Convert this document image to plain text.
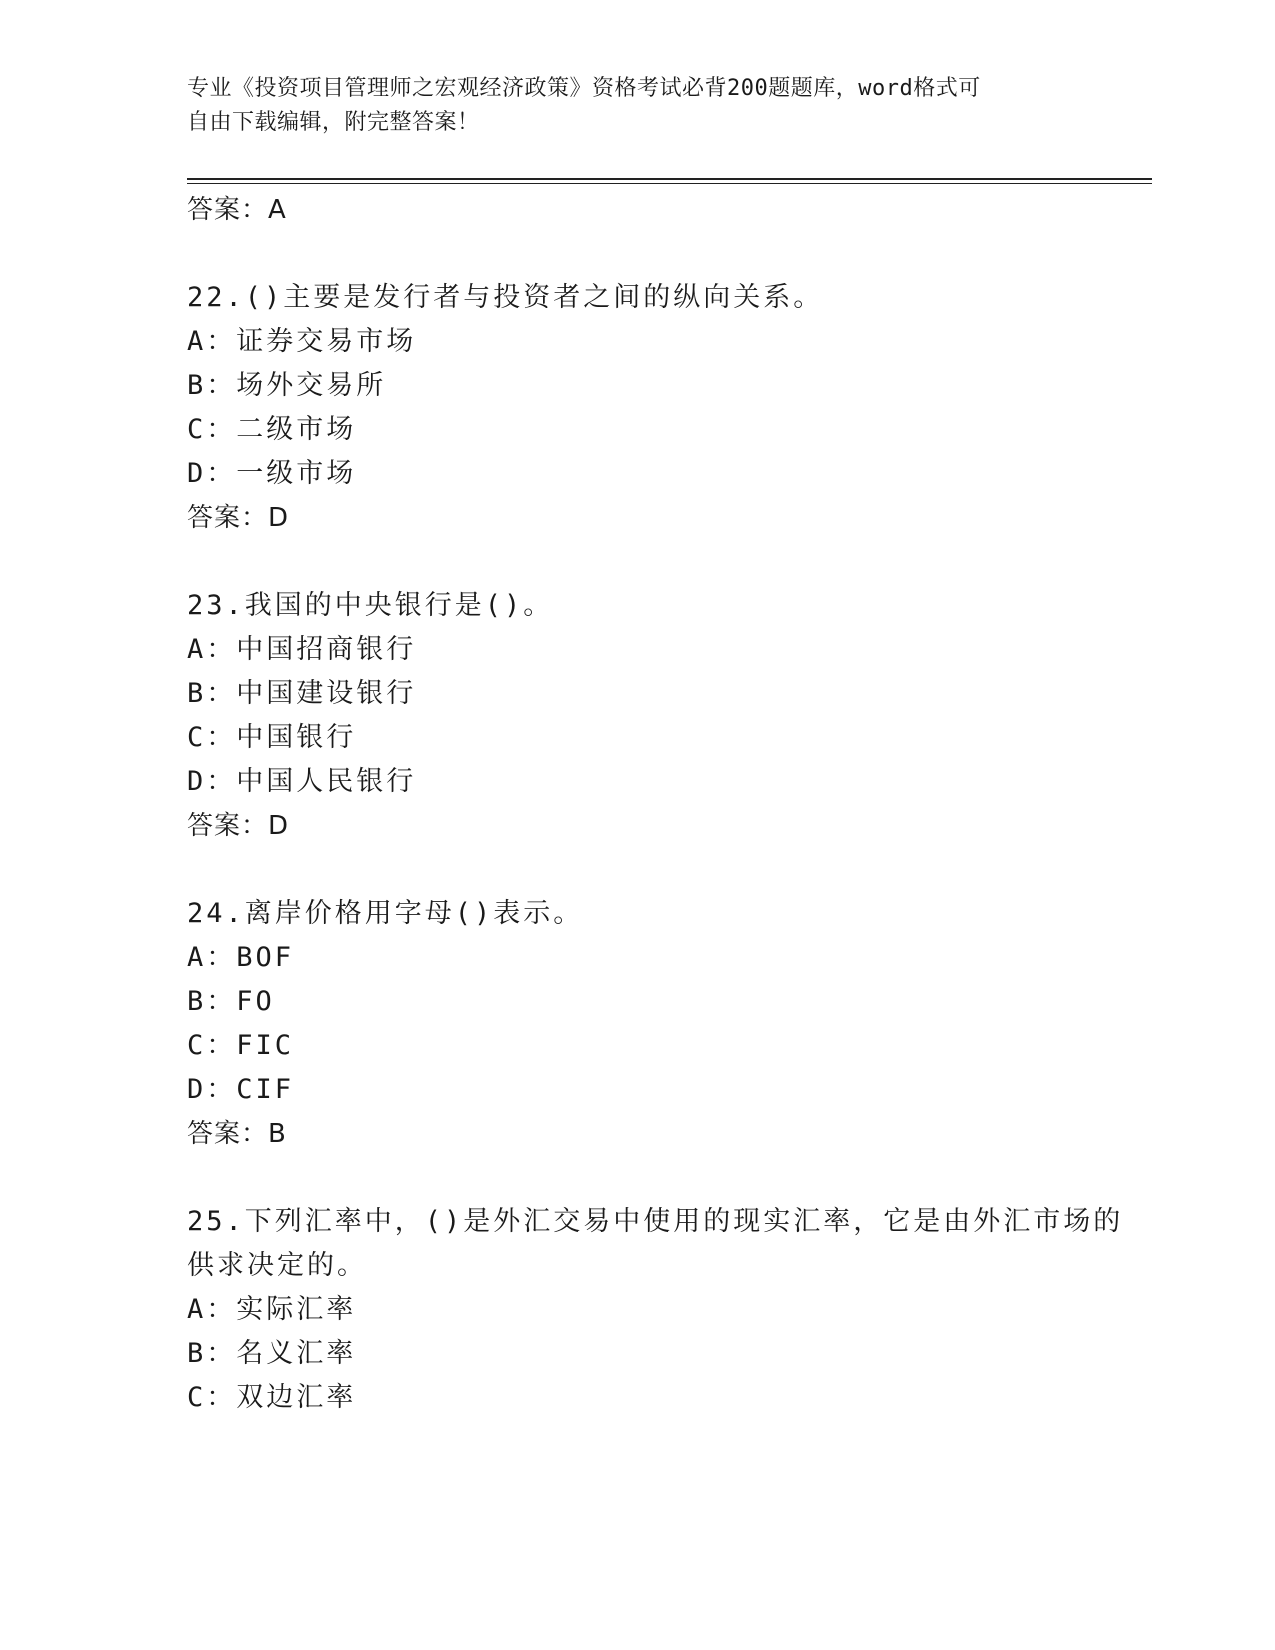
专业《投资项目管理师之宏观经济政策》资格考试必背200题题库，word格式可
自由下载编辑，附完整答案！
答案：A
22.()主要是发行者与投资者之间的纵向关系。
A：证券交易市场
B：场外交易所
C：二级市场
D：一级市场
答案：D
23.我国的中央银行是()。
A：中国招商银行
B：中国建设银行
C：中国银行
D：中国人民银行
答案：D
24.离岸价格用字母()表示。
A：BOF
B：FO
C：FIC
D：CIF
答案：B
25.下列汇率中，()是外汇交易中使用的现实汇率，它是由外汇市场的
供求决定的。
A：实际汇率
B：名义汇率
C：双边汇率
